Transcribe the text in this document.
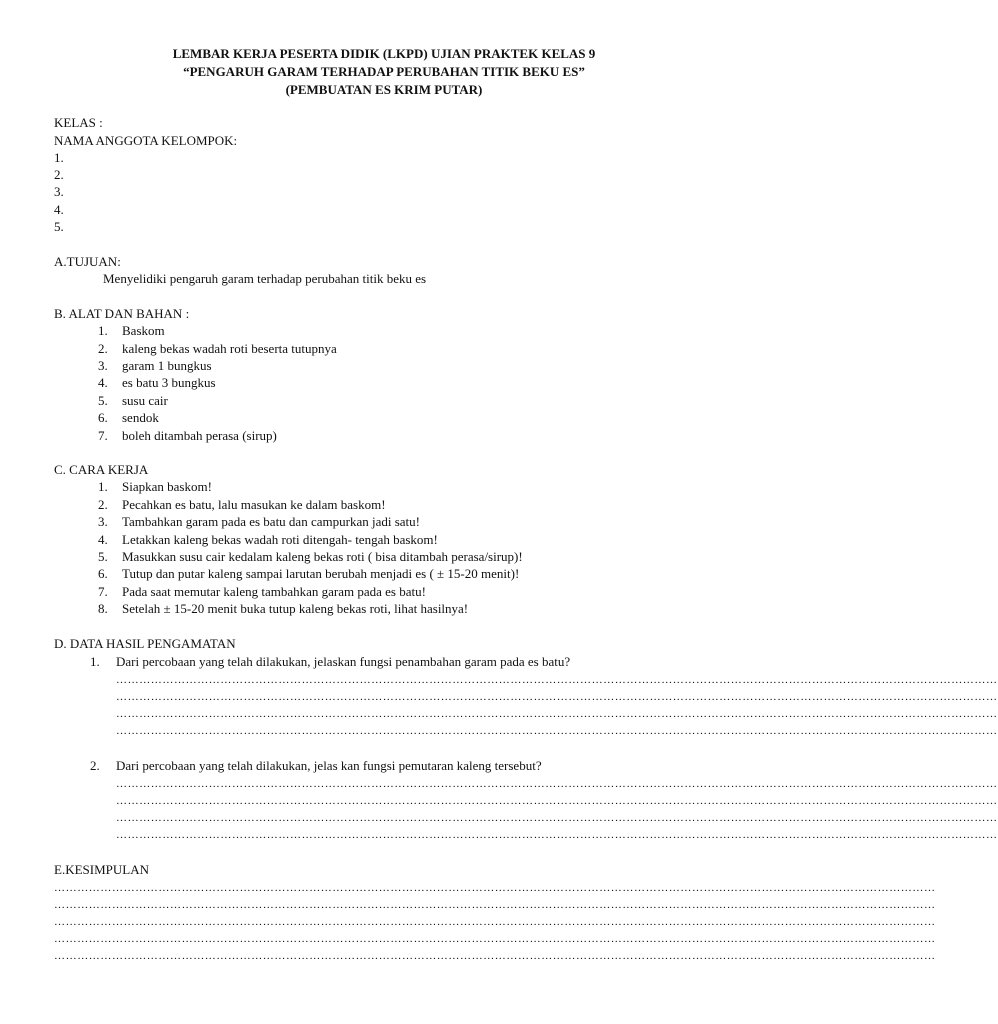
LEMBAR KERJA PESERTA DIDIK (LKPD) UJIAN PRAKTEK KELAS 9
“PENGARUH GARAM TERHADAP PERUBAHAN TITIK BEKU ES”
(PEMBUATAN ES KRIM PUTAR)
KELAS :
NAMA ANGGOTA KELOMPOK:
1.
2.
3.
4.
5.
A.TUJUAN:
Menyelidiki pengaruh garam terhadap perubahan titik beku es
B. ALAT DAN BAHAN :
1. Baskom
2. kaleng bekas wadah roti beserta tutupnya
3. garam 1 bungkus
4. es batu 3 bungkus
5. susu cair
6. sendok
7. boleh ditambah perasa (sirup)
C. CARA KERJA
1. Siapkan baskom!
2. Pecahkan es batu, lalu masukan ke dalam baskom!
3. Tambahkan garam pada es batu dan campurkan jadi satu!
4. Letakkan kaleng bekas wadah roti ditengah- tengah baskom!
5. Masukkan susu cair kedalam kaleng bekas roti ( bisa ditambah perasa/sirup)!
6. Tutup dan putar kaleng sampai larutan berubah menjadi es ( ± 15-20 menit)!
7. Pada saat memutar kaleng tambahkan garam pada es batu!
8. Setelah ± 15-20 menit buka tutup kaleng bekas roti, lihat hasilnya!
D. DATA HASIL PENGAMATAN
1. Dari percobaan yang telah dilakukan, jelaskan fungsi penambahan garam pada es batu?
…………………………………………………………………………………………………………………………………………………………………………………………………………
…………………………………………………………………………………………………………………………………………………………………………………………………………
…………………………………………………………………………………………………………………………………………………………………………………………………………
…………………………………………………………………………………………………………………………………………………………………………………………………………
2. Dari percobaan yang telah dilakukan, jelas kan fungsi pemutaran kaleng tersebut?
…………………………………………………………………………………………………………………………………………………………………………………………………………
…………………………………………………………………………………………………………………………………………………………………………………………………………
…………………………………………………………………………………………………………………………………………………………………………………………………………
…………………………………………………………………………………………………………………………………………………………………………………………………………
E.KESIMPULAN
…………………………………………………………………………………………………………………………………………………………………………………………………………
…………………………………………………………………………………………………………………………………………………………………………………………………………
…………………………………………………………………………………………………………………………………………………………………………………………………………
…………………………………………………………………………………………………………………………………………………………………………………………………………
…………………………………………………………………………………………………………………………………………………………………………………………………………
